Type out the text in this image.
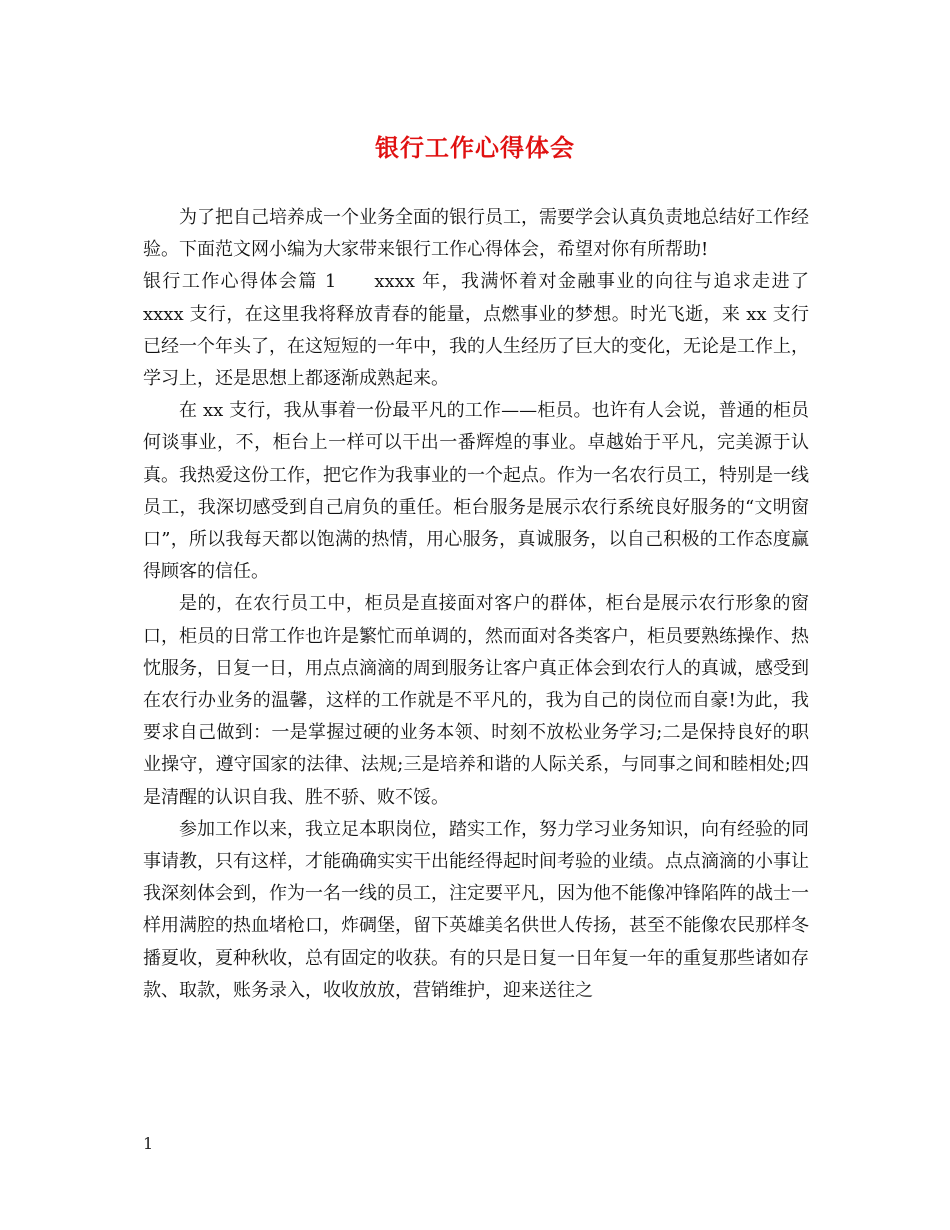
银行工作心得体会

为了把自己培养成一个业务全面的银行员工，需要学会认真负责地总结好工作经验。下面范文网小编为大家带来银行工作心得体会，希望对你有所帮助!

银行工作心得体会篇 1 xxxx 年，我满怀着对金融事业的向往与追求走进了 xxxx 支行，在这里我将释放青春的能量，点燃事业的梦想。时光飞逝，来 xx 支行已经一个年头了，在这短短的一年中，我的人生经历了巨大的变化，无论是工作上，学习上，还是思想上都逐渐成熟起来。

在 xx 支行，我从事着一份最平凡的工作——柜员。也许有人会说，普通的柜员何谈事业，不，柜台上一样可以干出一番辉煌的事业。卓越始于平凡，完美源于认真。我热爱这份工作，把它作为我事业的一个起点。作为一名农行员工，特别是一线员工，我深切感受到自己肩负的重任。柜台服务是展示农行系统良好服务的“文明窗口”，所以我每天都以饱满的热情，用心服务，真诚服务，以自己积极的工作态度赢得顾客的信任。

是的，在农行员工中，柜员是直接面对客户的群体，柜台是展示农行形象的窗口，柜员的日常工作也许是繁忙而单调的，然而面对各类客户，柜员要熟练操作、热忱服务，日复一日，用点点滴滴的周到服务让客户真正体会到农行人的真诚，感受到在农行办业务的温馨，这样的工作就是不平凡的，我为自己的岗位而自豪!为此，我要求自己做到：一是掌握过硬的业务本领、时刻不放松业务学习;二是保持良好的职业操守，遵守国家的法律、法规;三是培养和谐的人际关系，与同事之间和睦相处;四是清醒的认识自我、胜不骄、败不馁。

参加工作以来，我立足本职岗位，踏实工作，努力学习业务知识，向有经验的同事请教，只有这样，才能确确实实干出能经得起时间考验的业绩。点点滴滴的小事让我深刻体会到，作为一名一线的员工，注定要平凡，因为他不能像冲锋陷阵的战士一样用满腔的热血堵枪口，炸碉堡，留下英雄美名供世人传扬，甚至不能像农民那样冬播夏收，夏种秋收，总有固定的收获。有的只是日复一日年复一年的重复那些诸如存款、取款，账务录入，收收放放，营销维护，迎来送往之

1
